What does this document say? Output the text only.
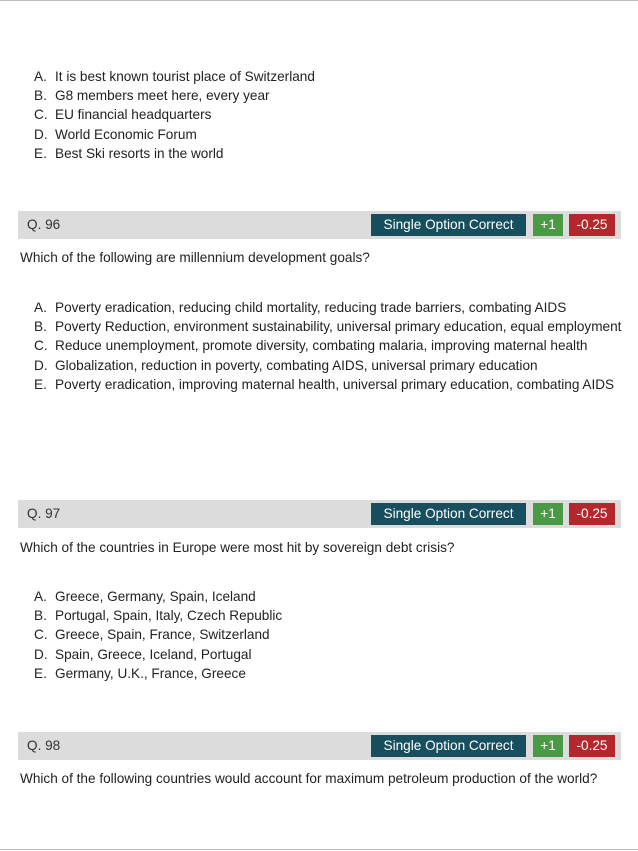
A. It is best known tourist place of Switzerland
B. G8 members meet here, every year
C. EU financial headquarters
D. World Economic Forum
E. Best Ski resorts in the world
Q. 96	Single Option Correct	+1	-0.25
Which of the following are millennium development goals?
A. Poverty eradication, reducing child mortality, reducing trade barriers, combating AIDS
B. Poverty Reduction, environment sustainability, universal primary education, equal employment
C. Reduce unemployment, promote diversity, combating malaria, improving maternal health
D. Globalization, reduction in poverty, combating AIDS, universal primary education
E. Poverty eradication, improving maternal health, universal primary education, combating AIDS
Q. 97	Single Option Correct	+1	-0.25
Which of the countries in Europe were most hit by sovereign debt crisis?
A. Greece, Germany, Spain, Iceland
B. Portugal, Spain, Italy, Czech Republic
C. Greece, Spain, France, Switzerland
D. Spain, Greece, Iceland, Portugal
E. Germany, U.K., France, Greece
Q. 98	Single Option Correct	+1	-0.25
Which of the following countries would account for maximum petroleum production of the world?
